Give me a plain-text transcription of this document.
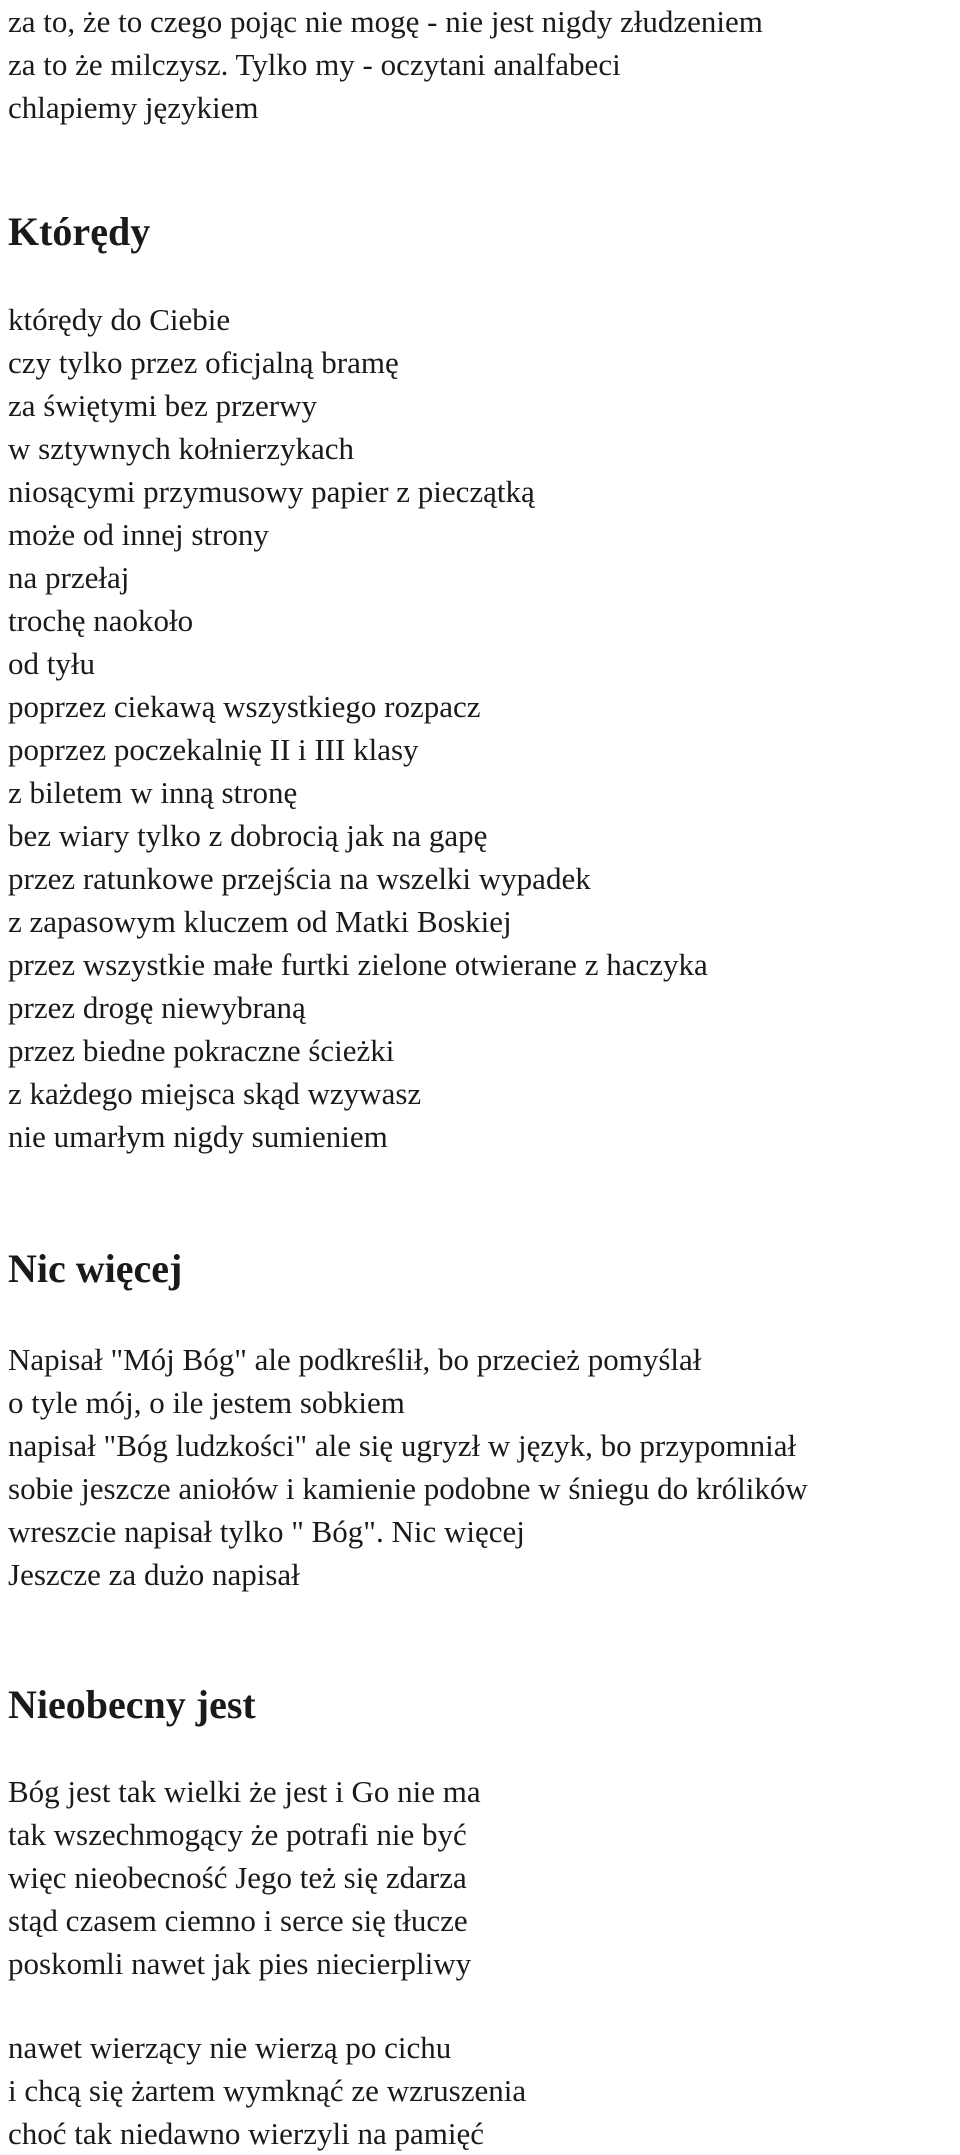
za to, że to czego pojąc nie mogę - nie jest nigdy złudzeniem
za to że milczysz. Tylko my - oczytani analfabeci
chlapiemy językiem
Którędy
którędy do Ciebie
czy tylko przez oficjalną bramę
za świętymi bez przerwy
w sztywnych kołnierzykach
niosącymi przymusowy papier z pieczątką
może od innej strony
na przełaj
trochę naokoło
od tyłu
poprzez ciekawą wszystkiego rozpacz
poprzez poczekalnię II i III klasy
z biletem w inną stronę
bez wiary tylko z dobrocią jak na gapę
przez ratunkowe przejścia na wszelki wypadek
z zapasowym kluczem od Matki Boskiej
przez wszystkie małe furtki zielone otwierane z haczyka
przez drogę niewybraną
przez biedne pokraczne ścieżki
z każdego miejsca skąd wzywasz
nie umarłym nigdy sumieniem
Nic więcej
Napisał "Mój Bóg" ale podkreślił, bo przecież pomyślał
o tyle mój, o ile jestem sobkiem
napisał "Bóg ludzkości" ale się ugryzł w język, bo przypomniał
sobie jeszcze aniołów i kamienie podobne w śniegu do królików
wreszcie napisał tylko " Bóg". Nic więcej
Jeszcze za dużo napisał
Nieobecny jest
Bóg jest tak wielki że jest i Go nie ma
tak wszechmogący że potrafi nie być
więc nieobecność Jego też się zdarza
stąd czasem ciemno i serce się tłucze
poskomli nawet jak pies niecierpliwy
nawet wierzący nie wierzą po cichu
i chcą się żartem wymknąć ze wzruszenia
choć tak niedawno wierzyli na pamięć
